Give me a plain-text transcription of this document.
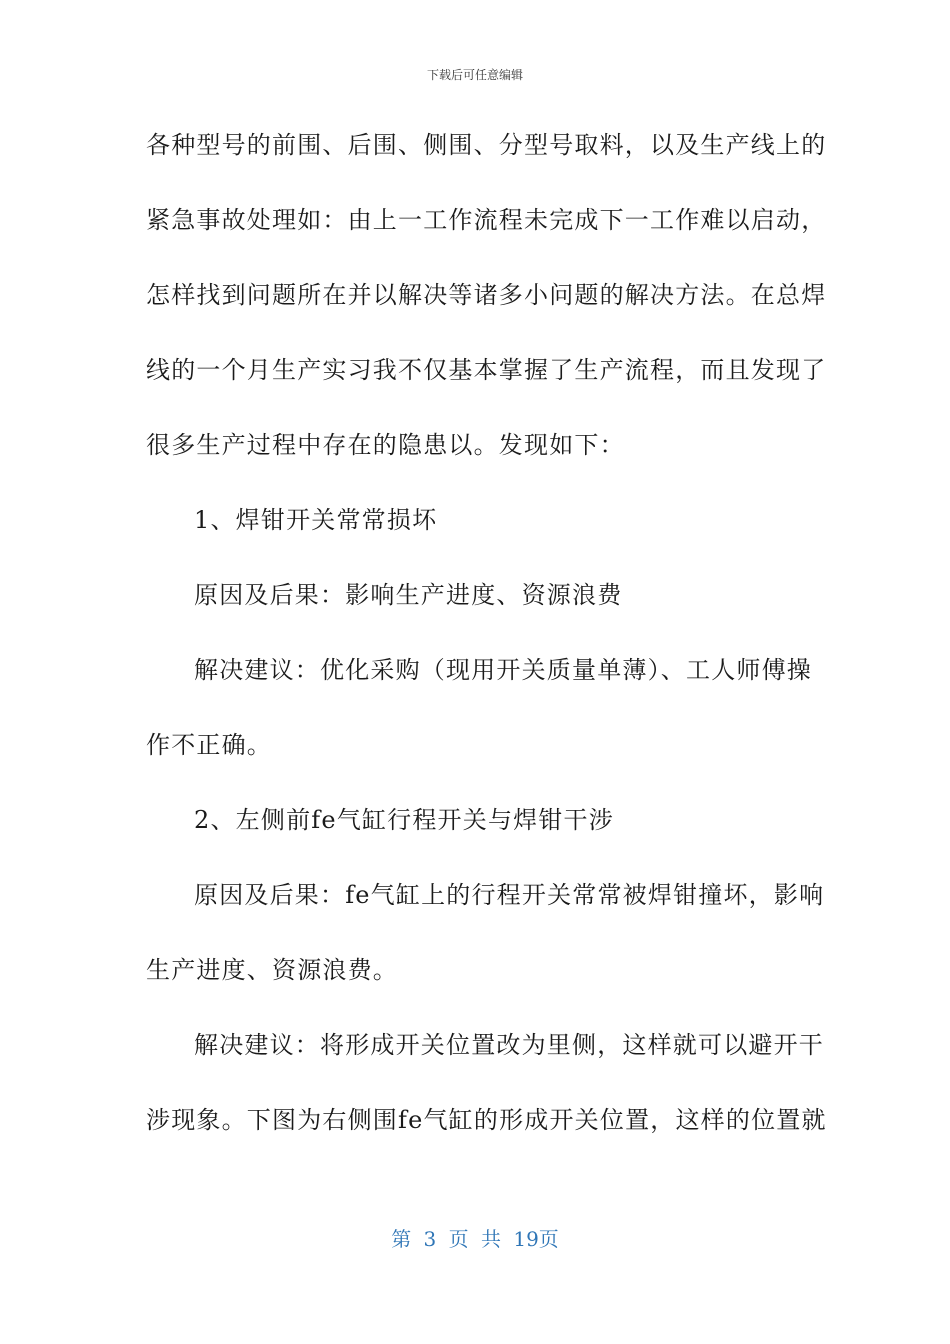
下载后可任意编辑
各种型号的前围、后围、侧围、分型号取料，以及生产线上的
紧急事故处理如：由上一工作流程未完成下一工作难以启动，
怎样找到问题所在并以解决等诸多小问题的解决方法。在总焊
线的一个月生产实习我不仅基本掌握了生产流程，而且发现了
很多生产过程中存在的隐患以。发现如下：
1、焊钳开关常常损坏
原因及后果：影响生产进度、资源浪费
解决建议：优化采购（现用开关质量单薄）、工人师傅操
作不正确。
2、左侧前fe气缸行程开关与焊钳干涉
原因及后果：fe气缸上的行程开关常常被焊钳撞坏，影响
生产进度、资源浪费。
解决建议：将形成开关位置改为里侧，这样就可以避开干
涉现象。下图为右侧围fe气缸的形成开关位置，这样的位置就
第 3 页 共 19页
